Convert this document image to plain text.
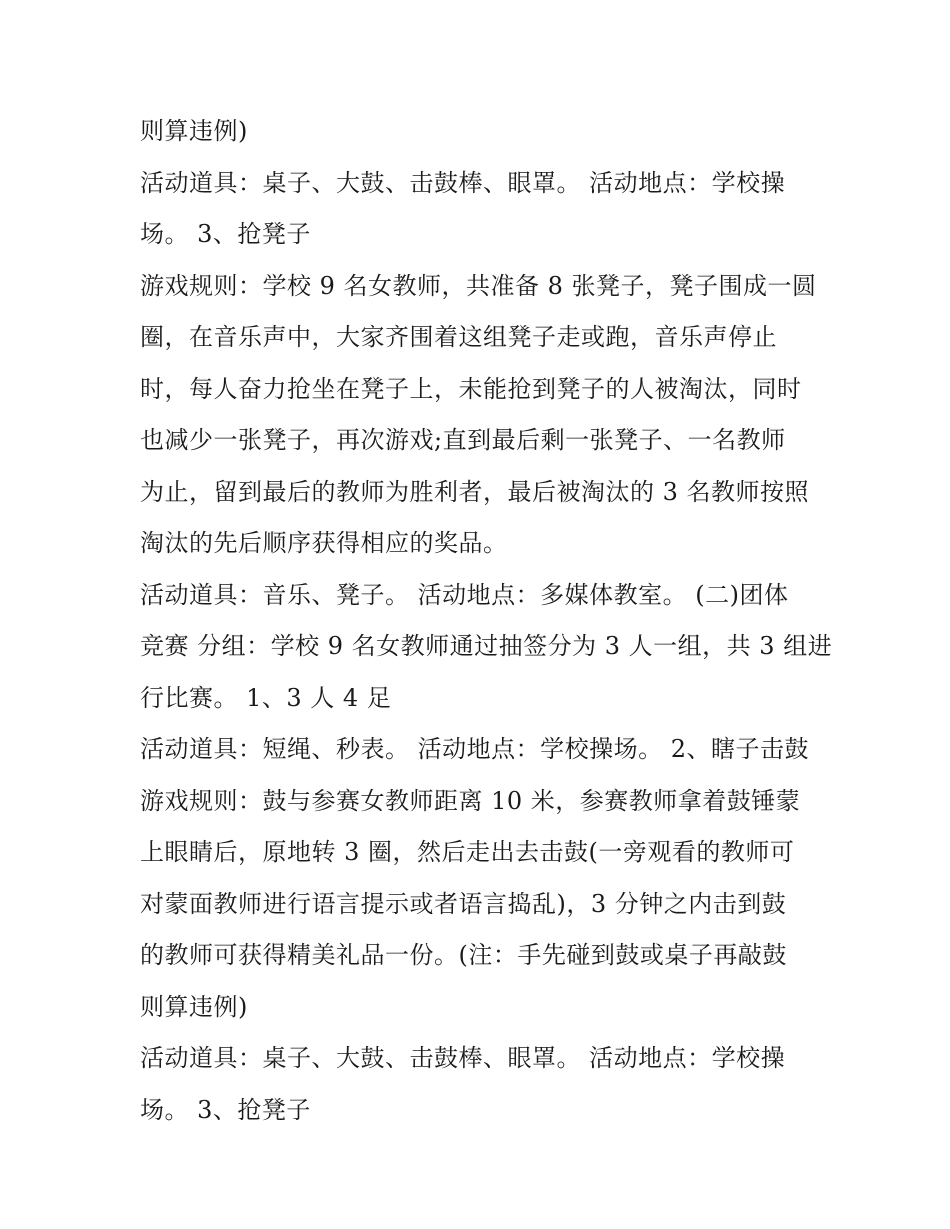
则算违例)
活动道具：桌子、大鼓、击鼓棒、眼罩。 活动地点：学校操
场。 3、抢凳子
游戏规则：学校 9 名女教师，共准备 8 张凳子，凳子围成一圆
圈，在音乐声中，大家齐围着这组凳子走或跑，音乐声停止
时，每人奋力抢坐在凳子上，未能抢到凳子的人被淘汰，同时
也减少一张凳子，再次游戏;直到最后剩一张凳子、一名教师
为止，留到最后的教师为胜利者，最后被淘汰的 3 名教师按照
淘汰的先后顺序获得相应的奖品。
活动道具：音乐、凳子。 活动地点：多媒体教室。 (二)团体
竞赛 分组：学校 9 名女教师通过抽签分为 3 人一组，共 3 组进
行比赛。 1、3 人 4 足
活动道具：短绳、秒表。 活动地点：学校操场。 2、瞎子击鼓
游戏规则：鼓与参赛女教师距离 10 米，参赛教师拿着鼓锤蒙
上眼睛后，原地转 3 圈，然后走出去击鼓(一旁观看的教师可
对蒙面教师进行语言提示或者语言捣乱)，3 分钟之内击到鼓
的教师可获得精美礼品一份。(注：手先碰到鼓或桌子再敲鼓
则算违例)
活动道具：桌子、大鼓、击鼓棒、眼罩。 活动地点：学校操
场。 3、抢凳子
